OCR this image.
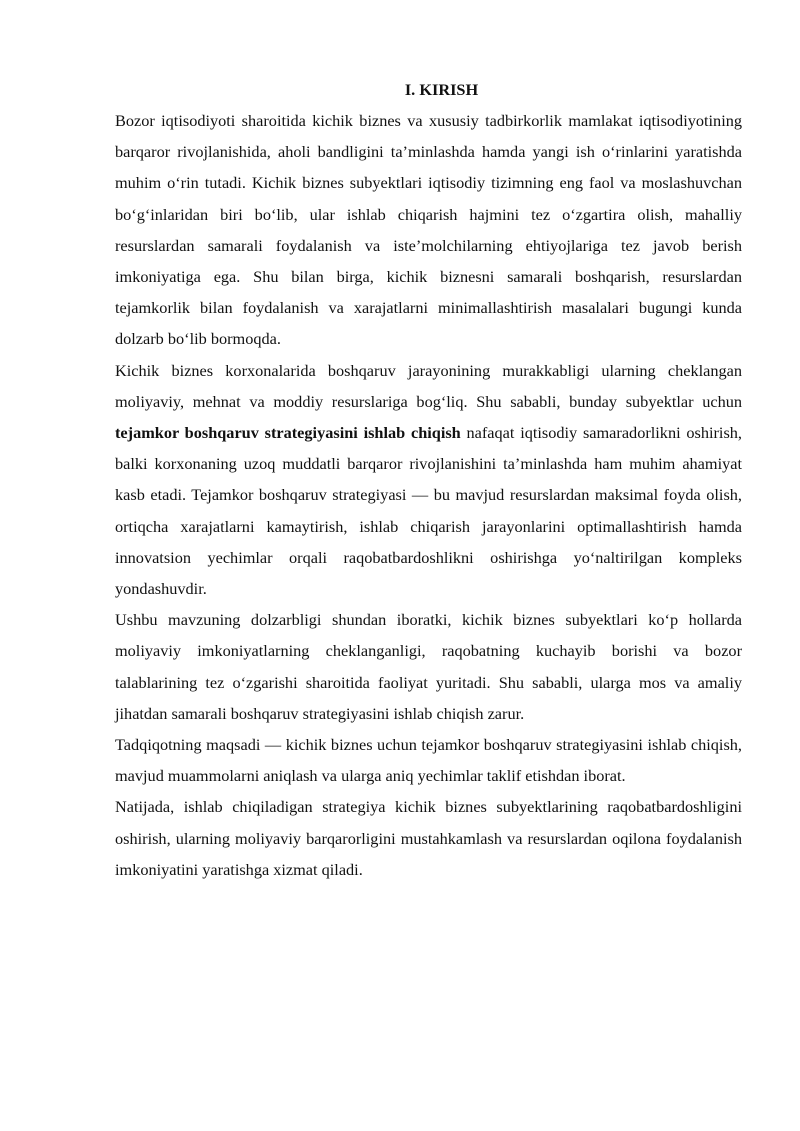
I. KIRISH

Bozor iqtisodiyoti sharoitida kichik biznes va xususiy tadbirkorlik mamlakat iqtisodiyotining barqaror rivojlanishida, aholi bandligini ta’minlashda hamda yangi ish o‘rinlarini yaratishda muhim o‘rin tutadi. Kichik biznes subyektlari iqtisodiy tizimning eng faol va moslashuvchan bo‘g‘inlaridan biri bo‘lib, ular ishlab chiqarish hajmini tez o‘zgartira olish, mahalliy resurslardan samarali foydalanish va iste’molchilarning ehtiyojlariga tez javob berish imkoniyatiga ega. Shu bilan birga, kichik biznesni samarali boshqarish, resurslardan tejamkorlik bilan foydalanish va xarajatlarni minimallashtirish masalalari bugungi kunda dolzarb bo‘lib bormoqda.

Kichik biznes korxonalarida boshqaruv jarayonining murakkabligi ularning cheklangan moliyaviy, mehnat va moddiy resurslariga bog‘liq. Shu sababli, bunday subyektlar uchun tejamkor boshqaruv strategiyasini ishlab chiqish nafaqat iqtisodiy samaradorlikni oshirish, balki korxonaning uzoq muddatli barqaror rivojlanishini ta’minlashda ham muhim ahamiyat kasb etadi. Tejamkor boshqaruv strategiyasi — bu mavjud resurslardan maksimal foyda olish, ortiqcha xarajatlarni kamaytirish, ishlab chiqarish jarayonlarini optimallashtirish hamda innovatsion yechimlar orqali raqobatbardoshlikni oshirishga yo‘naltirilgan kompleks yondashuvdir.

Ushbu mavzuning dolzarbligi shundan iboratki, kichik biznes subyektlari ko‘p hollarda moliyaviy imkoniyatlarning cheklanganligi, raqobatning kuchayib borishi va bozor talablarining tez o‘zgarishi sharoitida faoliyat yuritadi. Shu sababli, ularga mos va amaliy jihatdan samarali boshqaruv strategiyasini ishlab chiqish zarur.

Tadqiqotning maqsadi — kichik biznes uchun tejamkor boshqaruv strategiyasini ishlab chiqish, mavjud muammolarni aniqlash va ularga aniq yechimlar taklif etishdan iborat.

Natijada, ishlab chiqiladigan strategiya kichik biznes subyektlarining raqobatbardoshligini oshirish, ularning moliyaviy barqarorligini mustahkamlash va resurslardan oqilona foydalanish imkoniyatini yaratishga xizmat qiladi.
